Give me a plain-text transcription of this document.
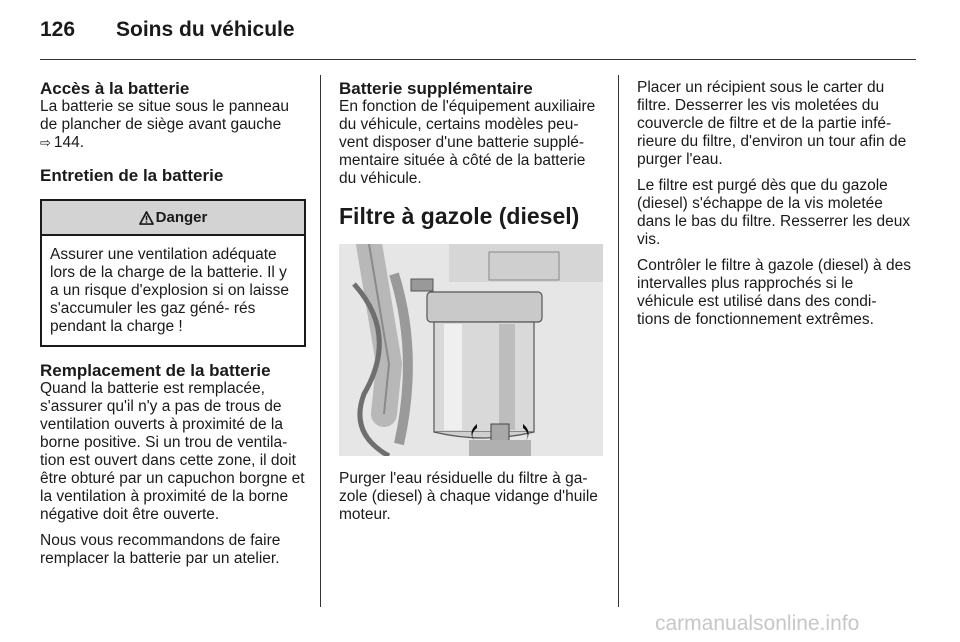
126 Soins du véhicule
Accès à la batterie

La batterie se situe sous le panneau de plancher de siège avant gauche
⇨ 144.

Entretien de la batterie
Danger
Assurer une ventilation adéquate lors de la charge de la batterie. Il y a un risque d'explosion si on laisse s'accumuler les gaz géné- rés pendant la charge !
Remplacement de la batterie

Quand la batterie est remplacée, s'assurer qu'il n'y a pas de trous de ventilation ouverts à proximité de la borne positive. Si un trou de ventila- tion est ouvert dans cette zone, il doit être obturé par un capuchon borgne et la ventilation à proximité de la borne négative doit être ouverte.

Nous vous recommandons de faire remplacer la batterie par un atelier.

Batterie supplémentaire

En fonction de l'équipement auxiliaire du véhicule, certains modèles peu- vent disposer d'une batterie supplé- mentaire située à côté de la batterie du véhicule.

Filtre à gazole (diesel)

Purger l'eau résiduelle du filtre à ga- zole (diesel) à chaque vidange d'huile moteur.

Placer un récipient sous le carter du filtre. Desserrer les vis moletées du couvercle de filtre et de la partie infé- rieure du filtre, d'environ un tour afin de purger l'eau.

Le filtre est purgé dès que du gazole (diesel) s'échappe de la vis moletée dans le bas du filtre. Resserrer les deux vis.

Contrôler le filtre à gazole (diesel) à des intervalles plus rapprochés si le véhicule est utilisé dans des condi- tions de fonctionnement extrêmes.

carmanualsonline.info
